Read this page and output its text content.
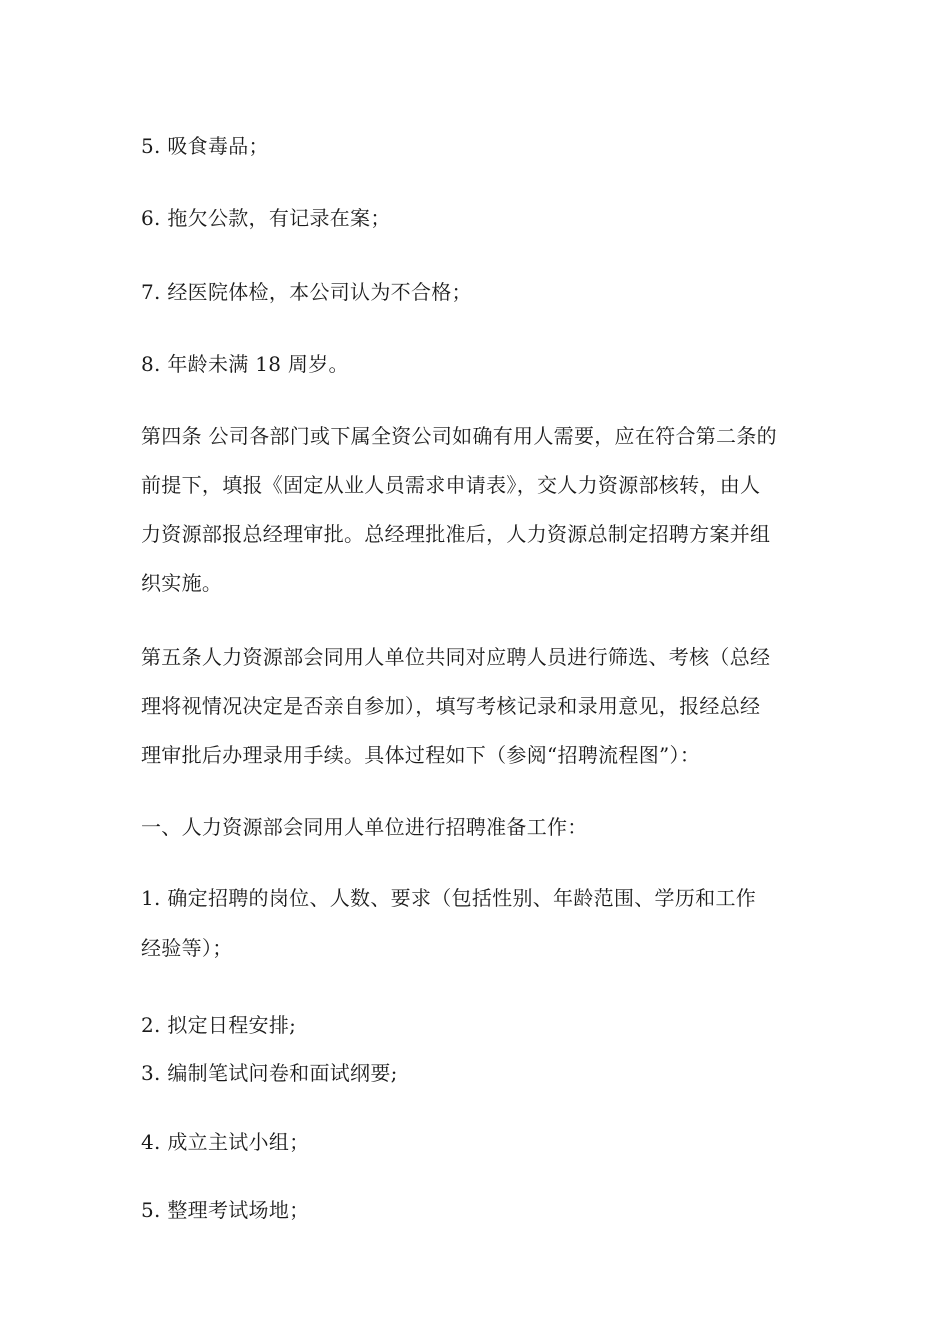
5. 吸食毒品；
6. 拖欠公款，有记录在案；
7. 经医院体检，本公司认为不合格；
8. 年龄未满 18 周岁。
第四条 公司各部门或下属全资公司如确有用人需要，应在符合第二条的
前提下，填报《固定从业人员需求申请表》，交人力资源部核转，由人
力资源部报总经理审批。总经理批准后，人力资源总制定招聘方案并组
织实施。
第五条人力资源部会同用人单位共同对应聘人员进行筛选、考核（总经
理将视情况决定是否亲自参加），填写考核记录和录用意见，报经总经
理审批后办理录用手续。具体过程如下（参阅“招聘流程图”）：
一、人力资源部会同用人单位进行招聘准备工作：
1. 确定招聘的岗位、人数、要求（包括性别、年龄范围、学历和工作
经验等）；
2. 拟定日程安排;
3. 编制笔试问卷和面试纲要;
4. 成立主试小组；
5. 整理考试场地；
